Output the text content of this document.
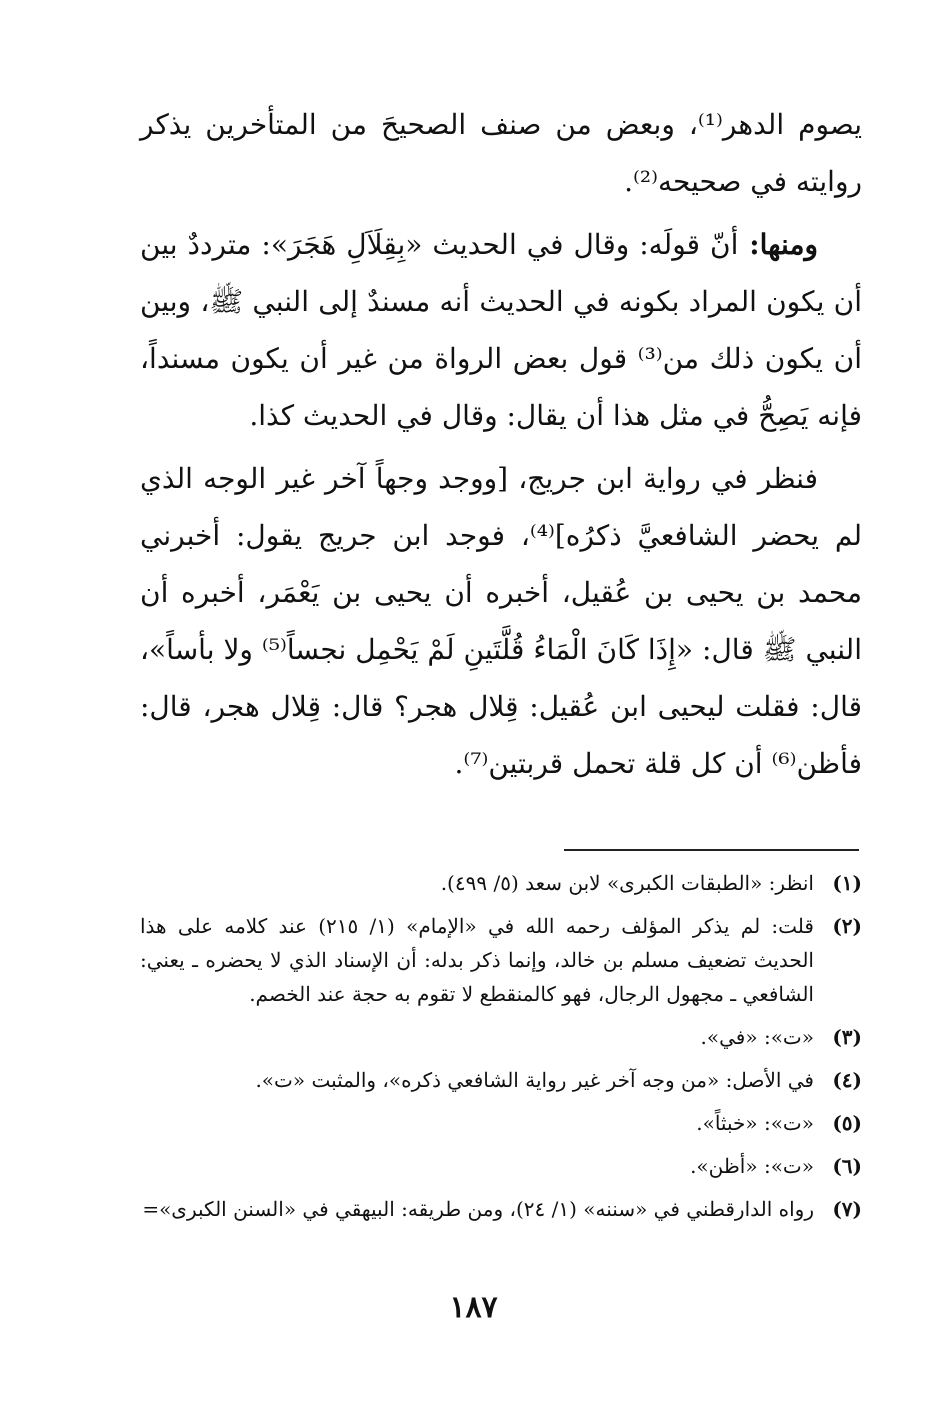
يصوم الدهر⁽¹⁾، وبعض من صنف الصحيحَ من المتأخرين يذكر روايته في صحيحه⁽²⁾.

ومنها: أنّ قولَه: وقال في الحديث «بِقِلَاَلِ هَجَرَ»: مترددٌ بين أن يكون المراد بكونه في الحديث أنه مسندٌ إلى النبي ﷺ، وبين أن يكون ذلك من⁽³⁾ قول بعض الرواة من غير أن يكون مسنداً، فإنه يَصِحُّ في مثل هذا أن يقال: وقال في الحديث كذا.

فنظر في رواية ابن جريج، [ووجد وجهاً آخر غير الوجه الذي لم يحضر الشافعيَّ ذكرُه]⁽⁴⁾، فوجد ابن جريج يقول: أخبرني محمد بن يحيى بن عُقيل، أخبره أن يحيى بن يَعْمَر، أخبره أن النبي ﷺ قال: «إِذَا كَانَ الْمَاءُ قُلَّتَينِ لَمْ يَحْمِل نجساً⁽⁵⁾ ولا بأساً»، قال: فقلت ليحيى ابن عُقيل: قِلال هجر؟ قال: قِلال هجر، قال: فأظن⁽⁶⁾ أن كل قلة تحمل قربتين⁽⁷⁾.

(١)
انظر: «الطبقات الكبرى» لابن سعد (٥/ ٤٩٩).
(٢)
قلت: لم يذكر المؤلف رحمه الله في «الإمام» (١/ ٢١٥) عند كلامه على هذا الحديث تضعيف مسلم بن خالد، وإنما ذكر بدله: أن الإسناد الذي لا يحضره ـ يعني: الشافعي ـ مجهول الرجال، فهو كالمنقطع لا تقوم به حجة عند الخصم.
(٣)
«ت»: «في».
(٤)
في الأصل: «من وجه آخر غير رواية الشافعي ذكره»، والمثبت «ت».
(٥)
«ت»: «خبثاً».
(٦)
«ت»: «أظن».
(٧)
رواه الدارقطني في «سننه» (١/ ٢٤)، ومن طريقه: البيهقي في «السنن الكبرى»=
١٨٧
